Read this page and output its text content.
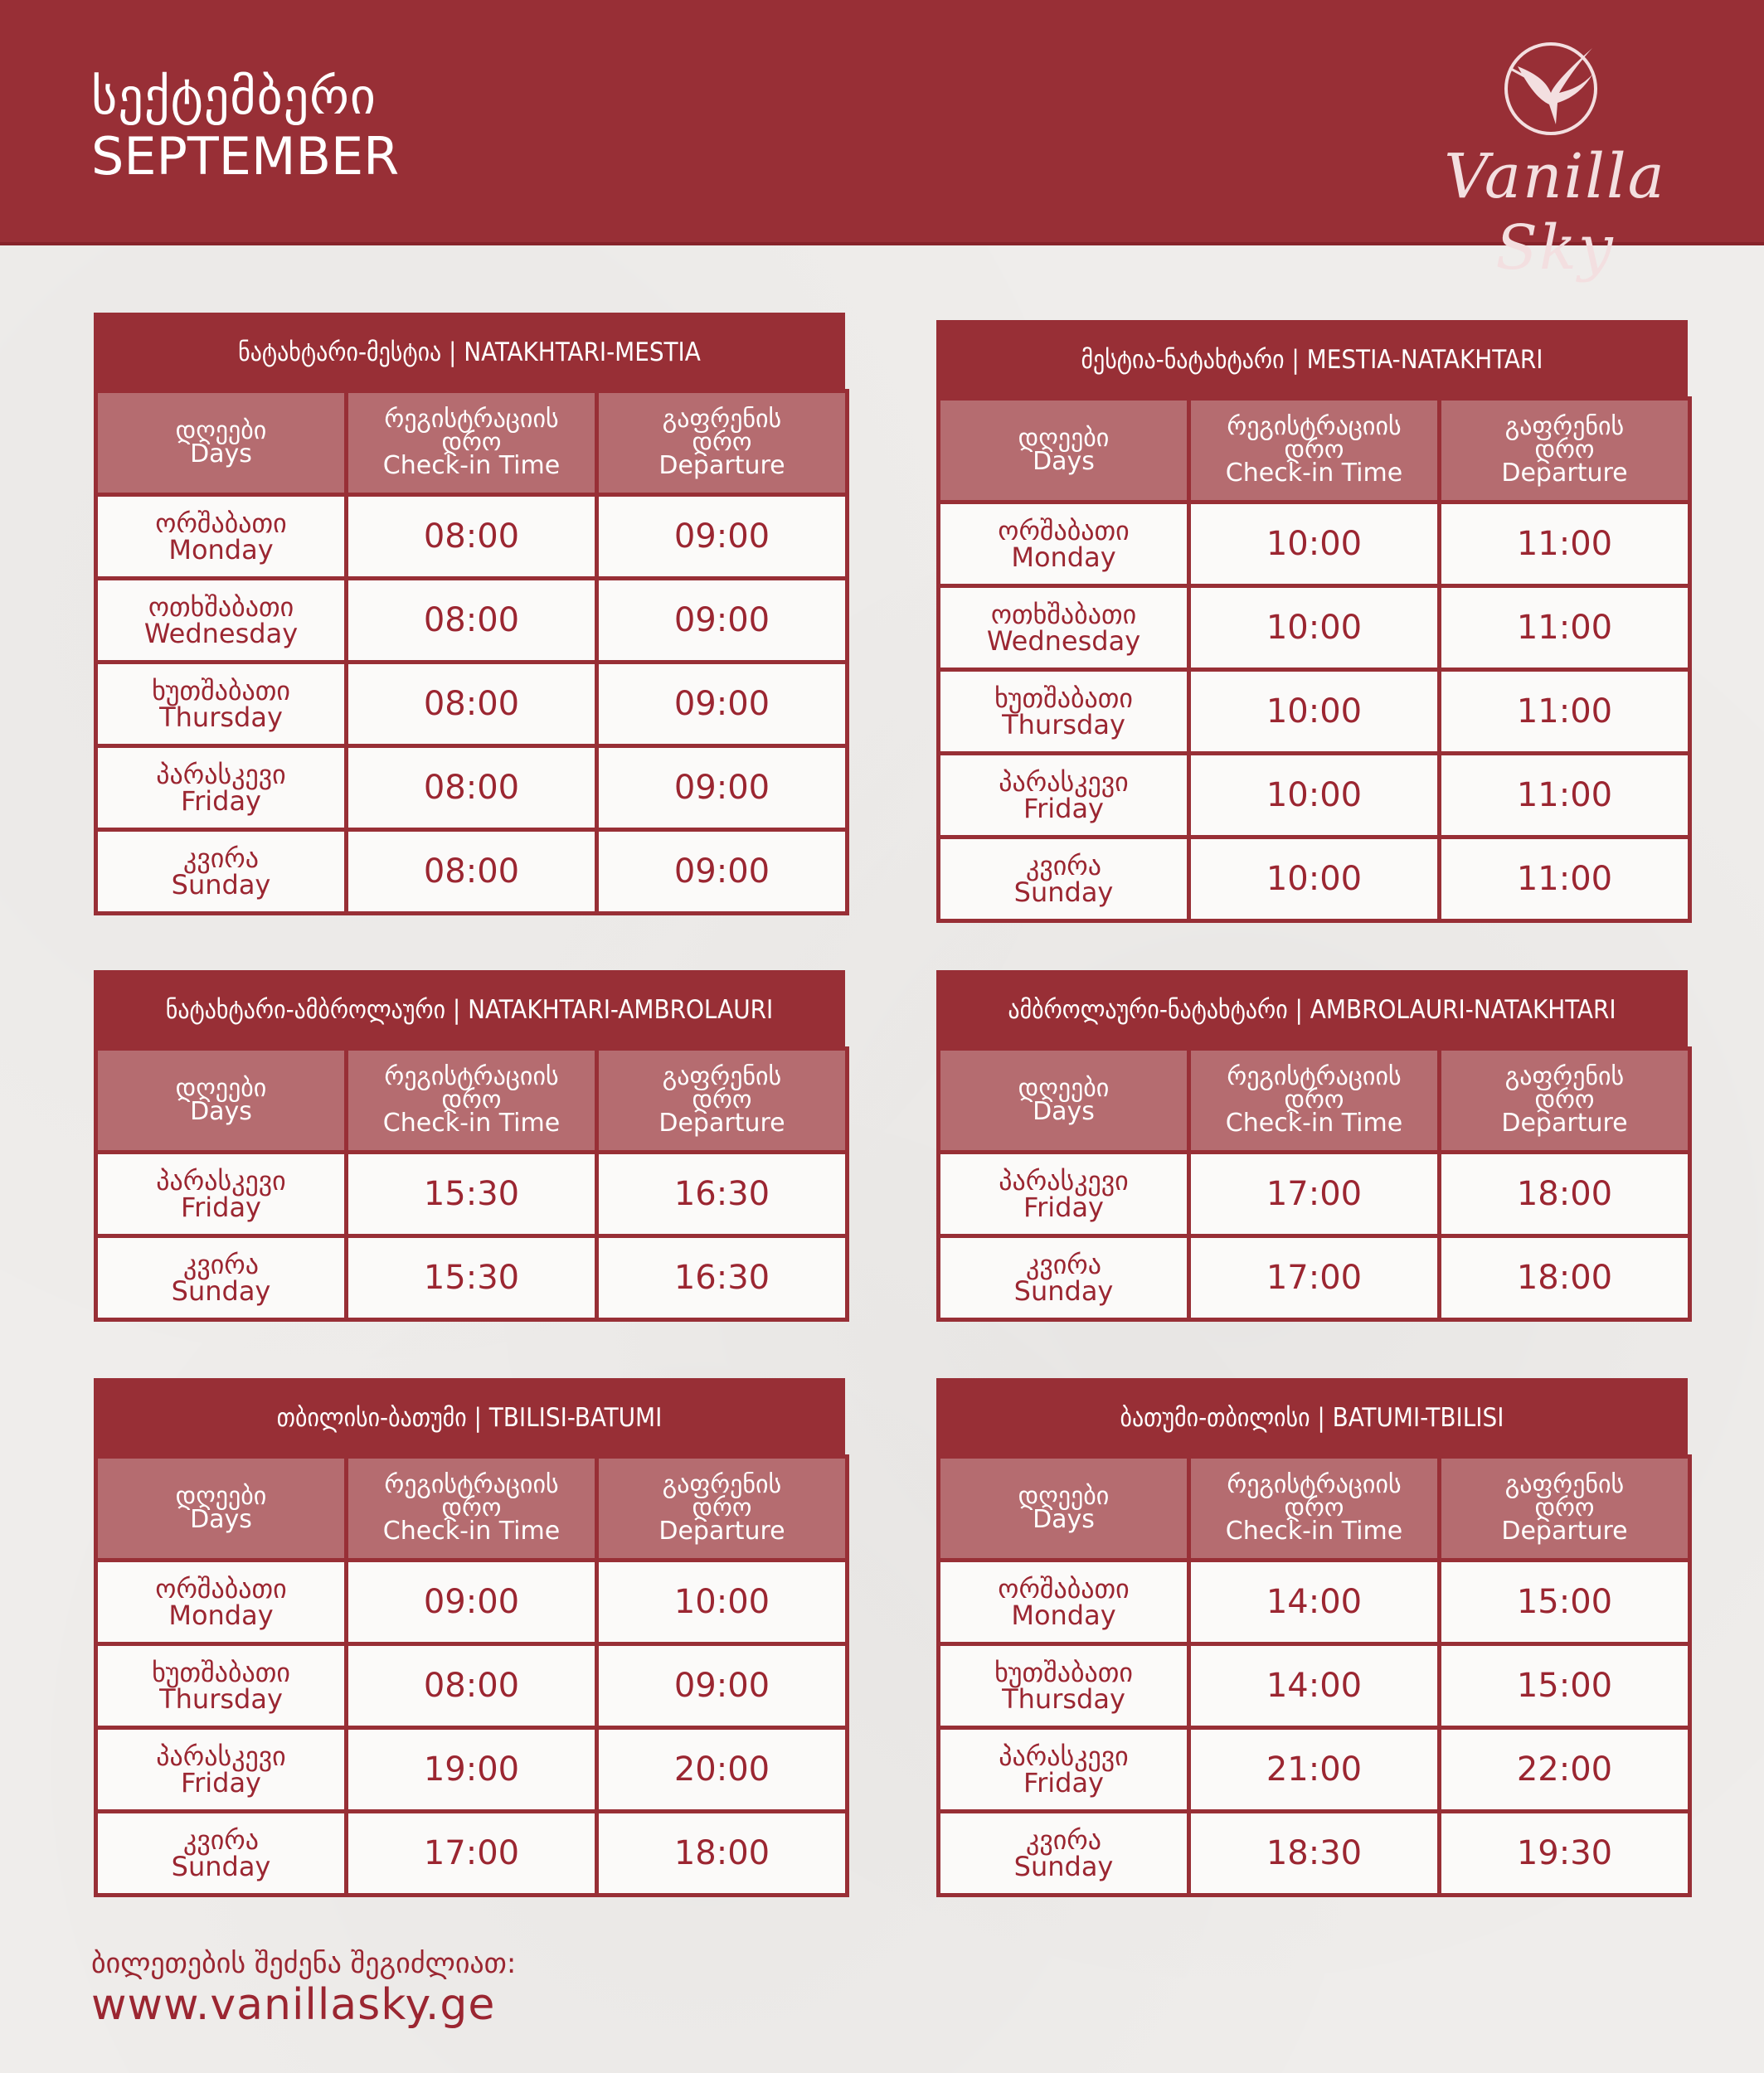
სექტემბერი
SEPTEMBER	Vanilla Sky
ნატახტარი-მესტია | NATAKHTARI-MESTIA
დღეები
Days	რეგისტრაციის
დრო
Check-in Time	გაფრენის
დრო
Departure

ორშაბათი
Monday	08:00	09:00

ოთხშაბათი
Wednesday	08:00	09:00

ხუთშაბათი
Thursday	08:00	09:00

პარასკევი
Friday	08:00	09:00

კვირა
Sunday	08:00	09:00
მესტია-ნატახტარი | MESTIA-NATAKHTARI
დღეები
Days	რეგისტრაციის
დრო
Check-in Time	გაფრენის
დრო
Departure

ორშაბათი
Monday	10:00	11:00

ოთხშაბათი
Wednesday	10:00	11:00

ხუთშაბათი
Thursday	10:00	11:00

პარასკევი
Friday	10:00	11:00

კვირა
Sunday	10:00	11:00
ნატახტარი-ამბროლაური | NATAKHTARI-AMBROLAURI
დღეები
Days	რეგისტრაციის
დრო
Check-in Time	გაფრენის
დრო
Departure

პარასკევი
Friday	15:30	16:30

კვირა
Sunday	15:30	16:30
ამბროლაური-ნატახტარი | AMBROLAURI-NATAKHTARI
დღეები
Days	რეგისტრაციის
დრო
Check-in Time	გაფრენის
დრო
Departure

პარასკევი
Friday	17:00	18:00

კვირა
Sunday	17:00	18:00
თბილისი-ბათუმი | TBILISI-BATUMI
დღეები
Days	რეგისტრაციის
დრო
Check-in Time	გაფრენის
დრო
Departure

ორშაბათი
Monday	09:00	10:00

ხუთშაბათი
Thursday	08:00	09:00

პარასკევი
Friday	19:00	20:00

კვირა
Sunday	17:00	18:00
ბათუმი-თბილისი | BATUMI-TBILISI
დღეები
Days	რეგისტრაციის
დრო
Check-in Time	გაფრენის
დრო
Departure

ორშაბათი
Monday	14:00	15:00

ხუთშაბათი
Thursday	14:00	15:00

პარასკევი
Friday	21:00	22:00

კვირა
Sunday	18:30	19:30
ბილეთების შეძენა შეგიძლიათ:
www.vanillasky.ge
